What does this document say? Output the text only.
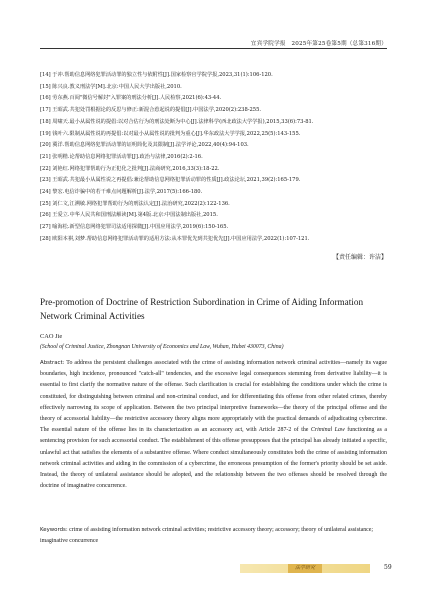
宜宾学院学报　2025年第25卷第5期（总第316期）
[14] 于冲.帮助信息网络犯罪活动罪的独立性与依附性[J].国家检察官学院学报,2023,31(1):106-120.
[15] 陈兴良.教义刑法学[M].北京:中国人民大学出版社,2010.
[16] 劳东燕.百阅"微信号解封"入罪案的刑法分析[J].人民检察,2021(6):43-44.
[17] 王昭武.共犯处罚根据论的反思与修正:新混合惹起说的提倡[J].中国法学,2020(2):238-255.
[18] 周啸天.最小从属性说的提倡:以对合估行为的刑法处断为中心[J].法律科学(西北政法大学学报),2015,33(6):73-81.
[19] 钱叶六.限制从属性说的再提倡:以对最小从属性说的批判为重心[J].华东政法大学学报,2022,25(5):143-155.
[20] 冀洋.帮助信息网络犯罪活动罪的证明简化及其限制[J].法学评论,2022,40(4):94-103.
[21] 张明楷.论帮助信息网络犯罪活动罪[J].政治与法律,2016(2):2-16.
[22] 刘艳红.网络犯罪帮助行为正犯化之批判[J].法商研究,2016,33(3):18-22.
[23] 王昭武.共犯最小从属性说之再提倡:兼论帮助信息网络犯罪活动罪的性质[J].政法论坛,2021,39(2):165-179.
[24] 黎宏.电信诈骗中的若干难点问题解析[J].法学,2017(5):166-180.
[25] 刘仁文,江溯敏.网络犯罪帮助行为的刑法认定[J].法治研究,2022(2):122-136.
[26] 王爱立.中华人民共和国刑法解读[M].第4版.北京:中国法制出版社,2015.
[27] 喻海松.新型信息网络犯罪司法适用探微[J].中国应用法学,2019(6):150-165.
[28] 欧阳本祺,刘梦.帮助信息网络犯罪活动罪的适用方法:从本罪优先到共犯优先[J].中国应用法学,2022(1):107-121.
【责任编辑：许洁】
Pre-promotion of Doctrine of Restriction Subordination in Crime of Aiding Information Network Criminal Activities
CAO Jie
(School of Criminal Justice, Zhongnan University of Economics and Law, Wuhan, Hubei 430073, China)
Abstract: To address the persistent challenges associated with the crime of assisting information network criminal activities—namely its vague boundaries, high incidence, pronounced "catch-all" tendencies, and the excessive legal consequences stemming from derivative liability—it is essential to first clarify the normative nature of the offense. Such clarification is crucial for establishing the conditions under which the crime is constituted, for distinguishing between criminal and non-criminal conduct, and for differentiating this offense from other related crimes, thereby effectively narrowing its scope of application. Between the two principal interpretive frameworks—the theory of the principal offense and the theory of accessorial liability—the restrictive accessory theory aligns more appropriately with the practical demands of adjudicating cybercrime. The essential nature of the offense lies in its characterization as an accessory act, with Article 287-2 of the Criminal Law functioning as a sentencing provision for such accessorial conduct. The establishment of this offense presupposes that the principal has already initiated a specific, unlawful act that satisfies the elements of a substantive offense. Where conduct simultaneously constitutes both the crime of assisting information network criminal activities and aiding in the commission of a cybercrime, the erroneous presumption of the former's priority should be set aside. Instead, the theory of unilateral assistance should be adopted, and the relationship between the two offenses should be resolved through the doctrine of imaginative concurrence.
Keywords: crime of assisting information network criminal activities; restrictive accessory theory; accessory; theory of unilateral assistance; imaginative concurrence
法学研究	59
